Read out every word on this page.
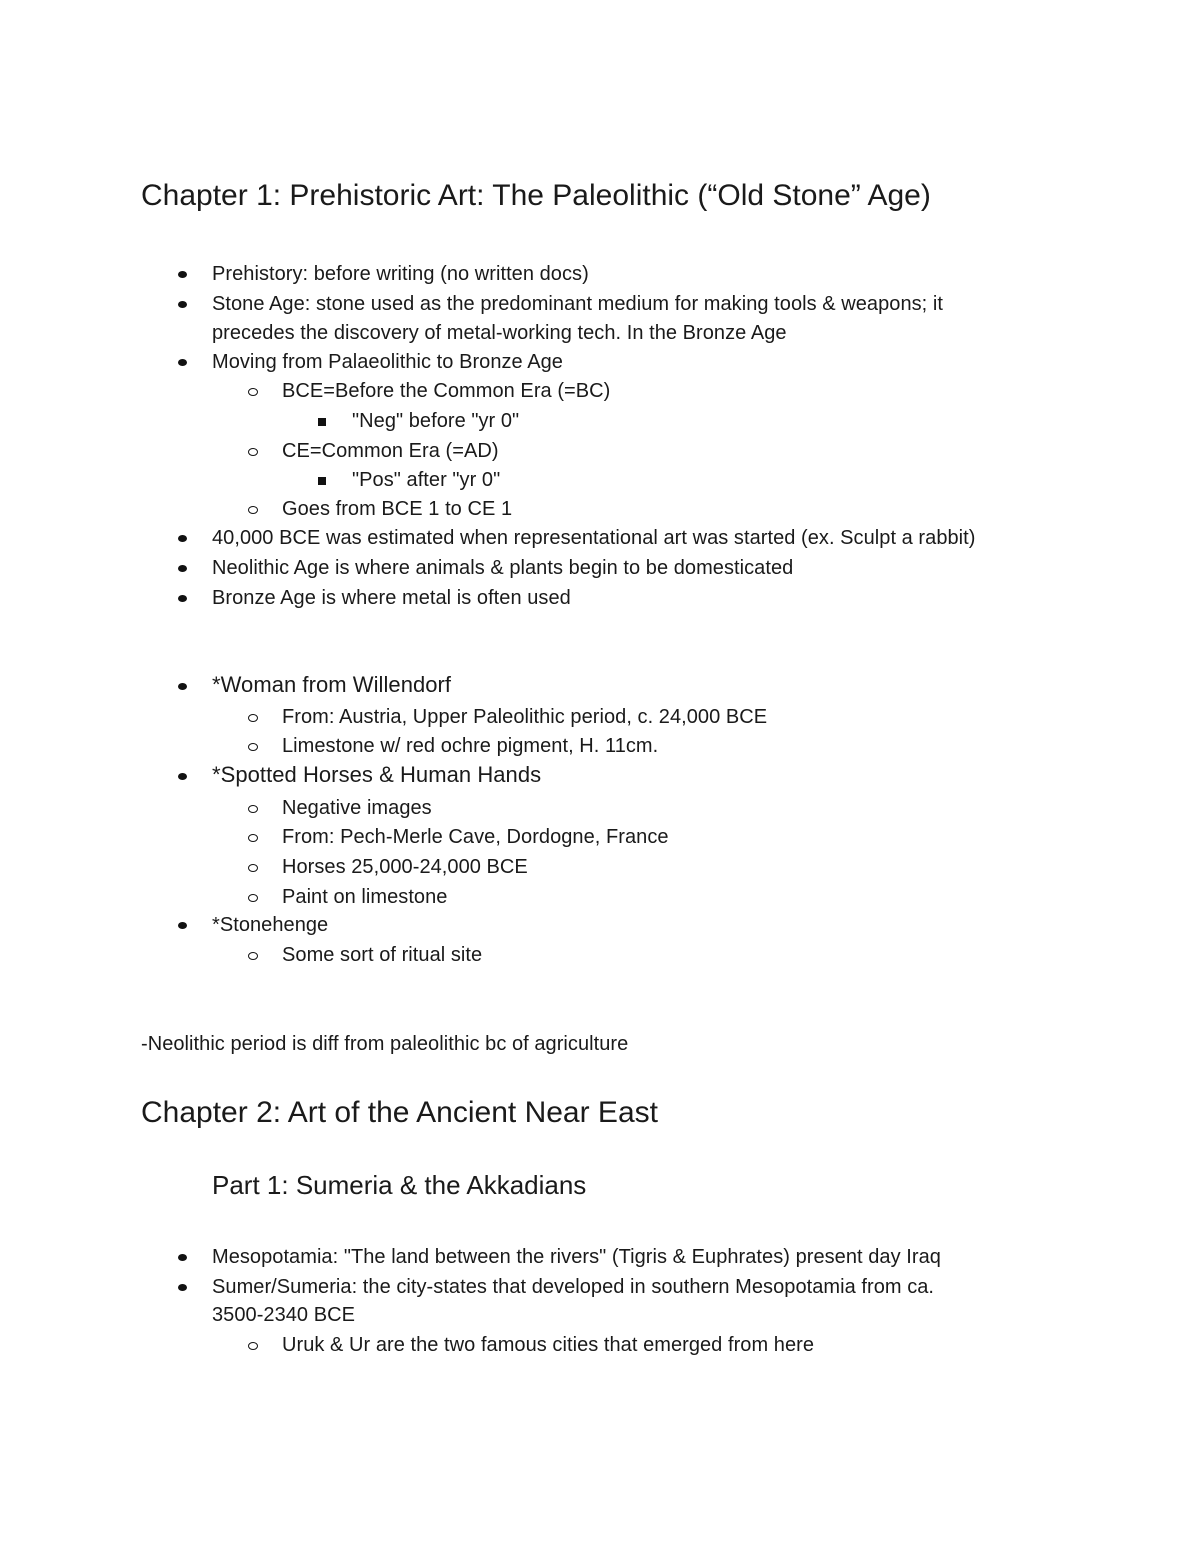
Chapter 1: Prehistoric Art: The Paleolithic (“Old Stone” Age)
Prehistory: before writing (no written docs)
Stone Age: stone used as the predominant medium for making tools & weapons; it
precedes the discovery of metal-working tech. In the Bronze Age
Moving from Palaeolithic to Bronze Age
BCE=Before the Common Era (=BC)
"Neg" before "yr 0"
CE=Common Era (=AD)
"Pos" after "yr 0"
Goes from BCE 1 to CE 1
40,000 BCE was estimated when representational art was started (ex. Sculpt a rabbit)
Neolithic Age is where animals & plants begin to be domesticated
Bronze Age is where metal is often used
*Woman from Willendorf
From: Austria, Upper Paleolithic period, c. 24,000 BCE
Limestone w/ red ochre pigment, H. 11cm.
*Spotted Horses & Human Hands
Negative images
From: Pech-Merle Cave, Dordogne, France
Horses 25,000-24,000 BCE
Paint on limestone
*Stonehenge
Some sort of ritual site
-Neolithic period is diff from paleolithic bc of agriculture
Chapter 2: Art of the Ancient Near East
Part 1: Sumeria & the Akkadians
Mesopotamia: "The land between the rivers" (Tigris & Euphrates) present day Iraq
Sumer/Sumeria: the city-states that developed in southern Mesopotamia from ca.
3500-2340 BCE
Uruk & Ur are the two famous cities that emerged from here
